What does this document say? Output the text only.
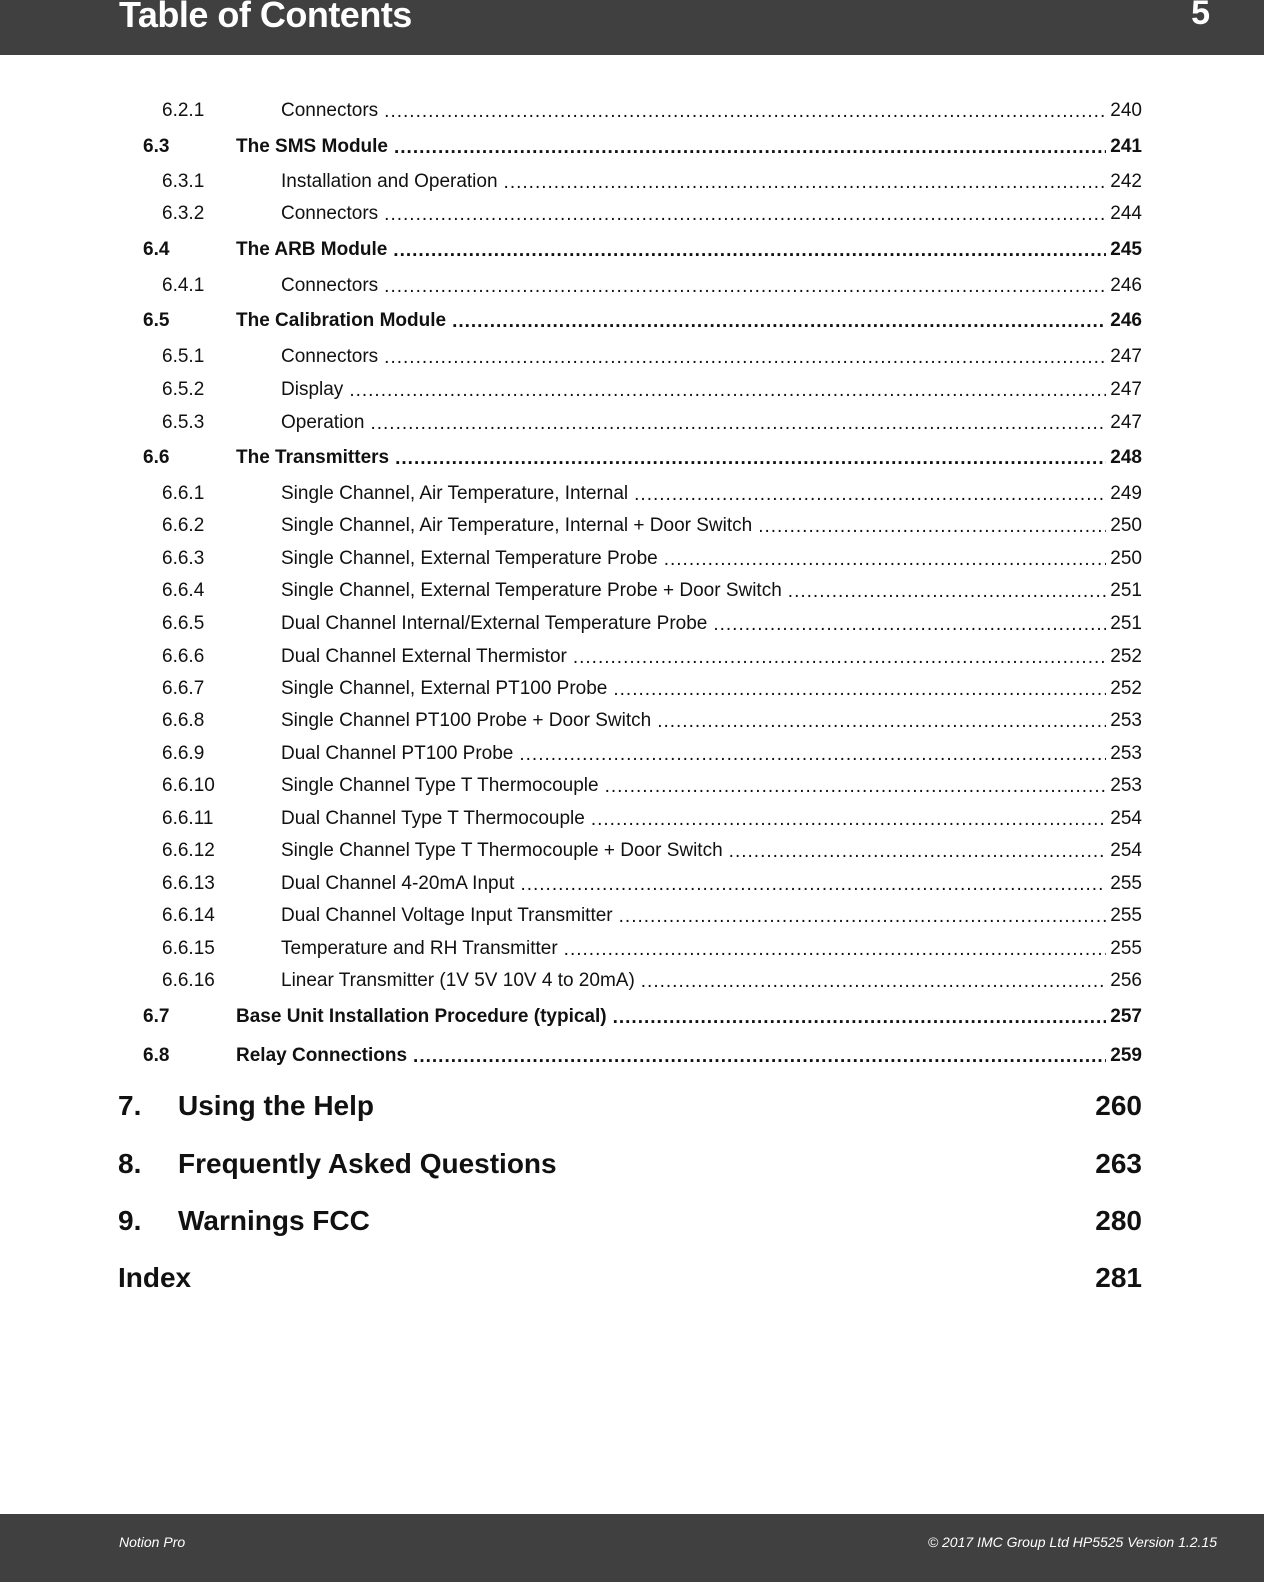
Table of Contents	5
6.2.1	Connectors .....	240
6.3	The SMS Module .....	241
6.3.1	Installation and Operation .....	242
6.3.2	Connectors .....	244
6.4	The ARB Module .....	245
6.4.1	Connectors .....	246
6.5	The Calibration Module .....	246
6.5.1	Connectors .....	247
6.5.2	Display .....	247
6.5.3	Operation .....	247
6.6	The Transmitters .....	248
6.6.1	Single Channel, Air Temperature, Internal .....	249
6.6.2	Single Channel, Air Temperature, Internal + Door Switch .....	250
6.6.3	Single Channel, External Temperature Probe .....	250
6.6.4	Single Channel, External Temperature Probe + Door Switch .....	251
6.6.5	Dual Channel Internal/External Temperature Probe .....	251
6.6.6	Dual Channel External Thermistor .....	252
6.6.7	Single Channel, External PT100 Probe .....	252
6.6.8	Single Channel PT100 Probe + Door Switch .....	253
6.6.9	Dual Channel PT100 Probe .....	253
6.6.10	Single Channel Type T Thermocouple .....	253
6.6.11	Dual Channel Type T Thermocouple .....	254
6.6.12	Single Channel Type T Thermocouple + Door Switch .....	254
6.6.13	Dual Channel 4-20mA Input .....	255
6.6.14	Dual Channel Voltage Input Transmitter .....	255
6.6.15	Temperature and RH Transmitter .....	255
6.6.16	Linear Transmitter (1V 5V 10V 4 to 20mA) .....	256
6.7	Base Unit Installation Procedure (typical) .....	257
6.8	Relay Connections .....	259
7.	Using the Help	260
8.	Frequently Asked Questions	263
9.	Warnings FCC	280
Index	281
Notion Pro	© 2017 IMC Group Ltd HP5525 Version 1.2.15
